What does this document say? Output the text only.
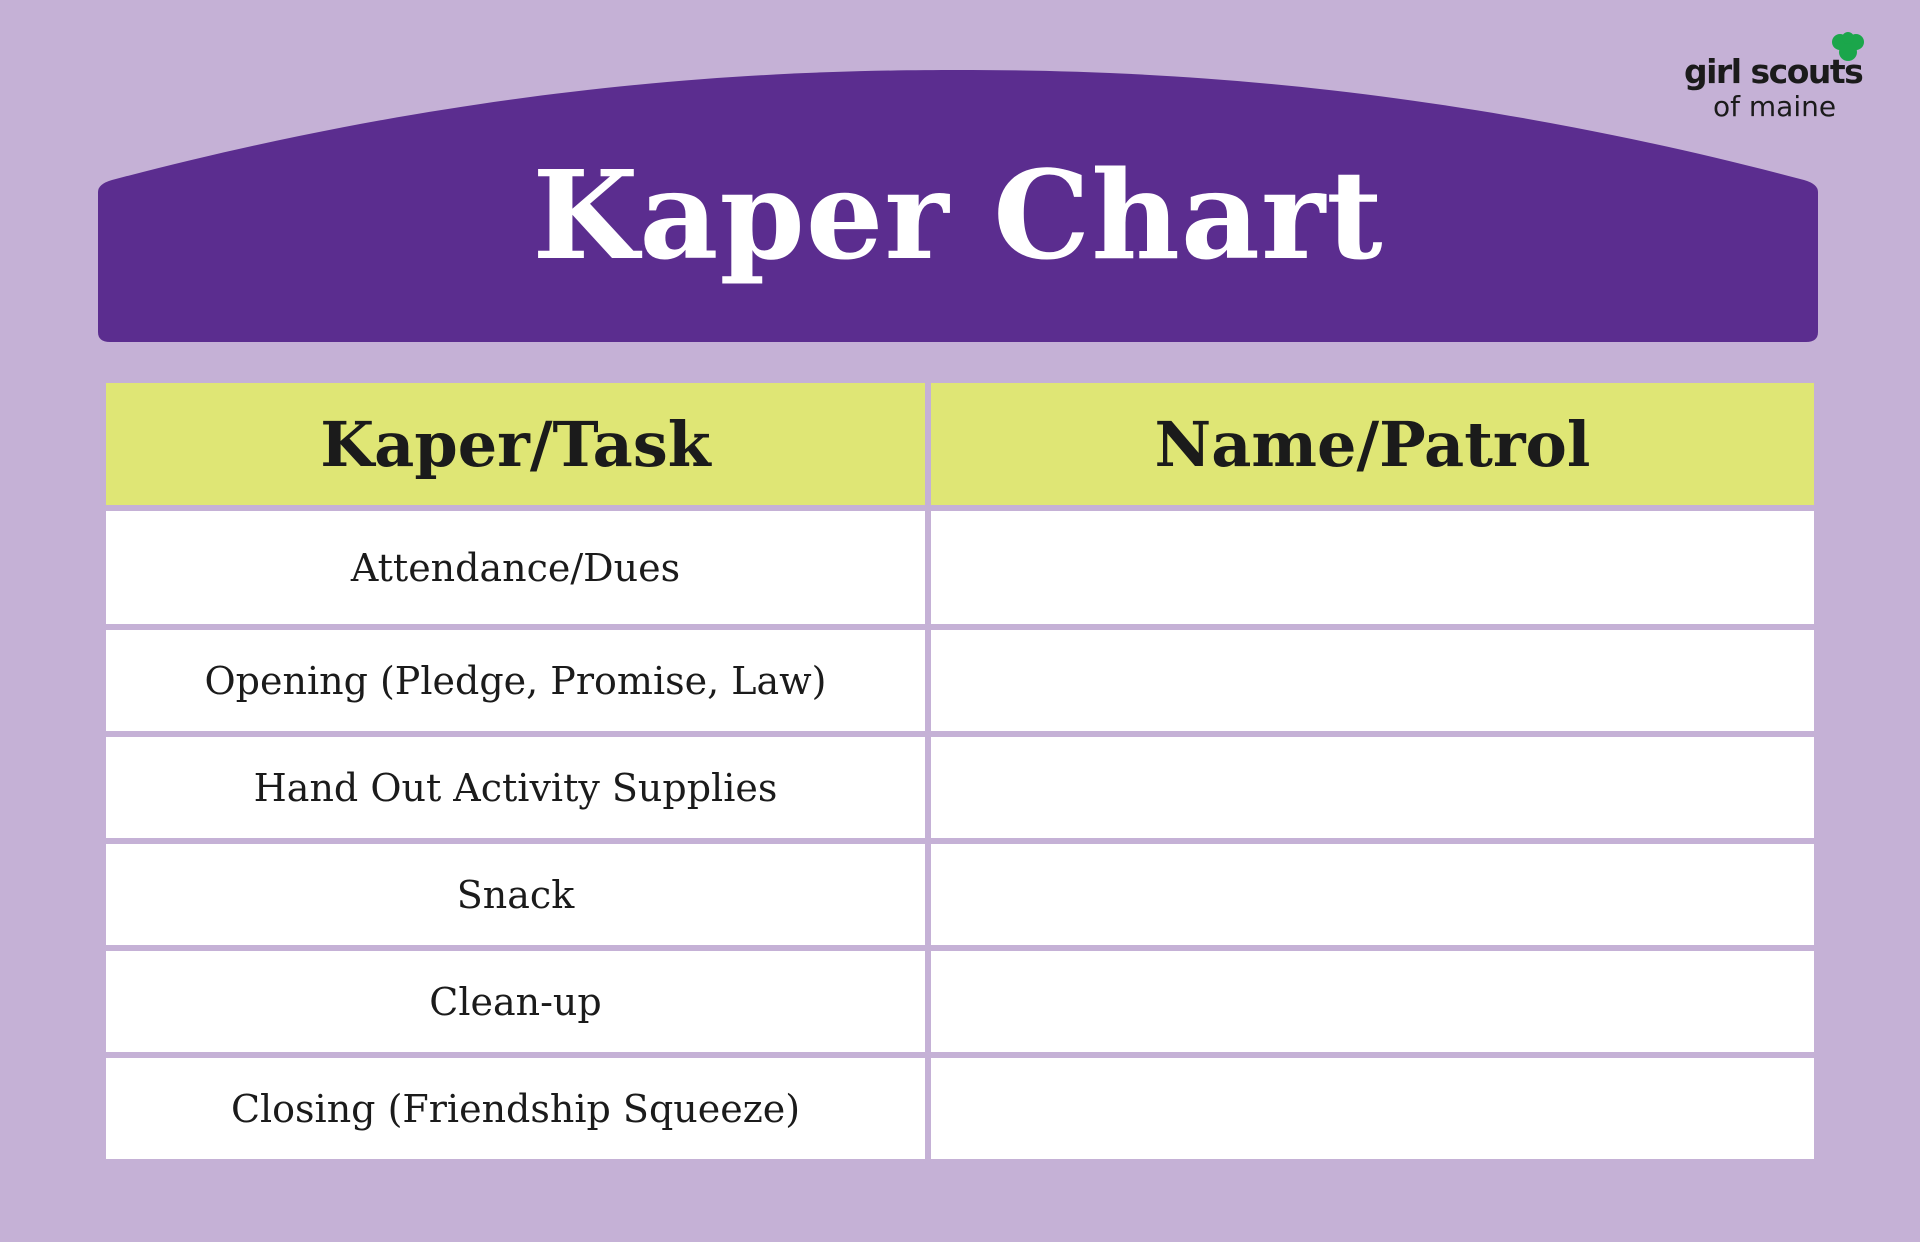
girl scouts
of maine
Kaper Chart
Kaper/Task	Name/Patrol
Attendance/Dues
Opening (Pledge, Promise, Law)
Hand Out Activity Supplies
Snack
Clean-up
Closing (Friendship Squeeze)
